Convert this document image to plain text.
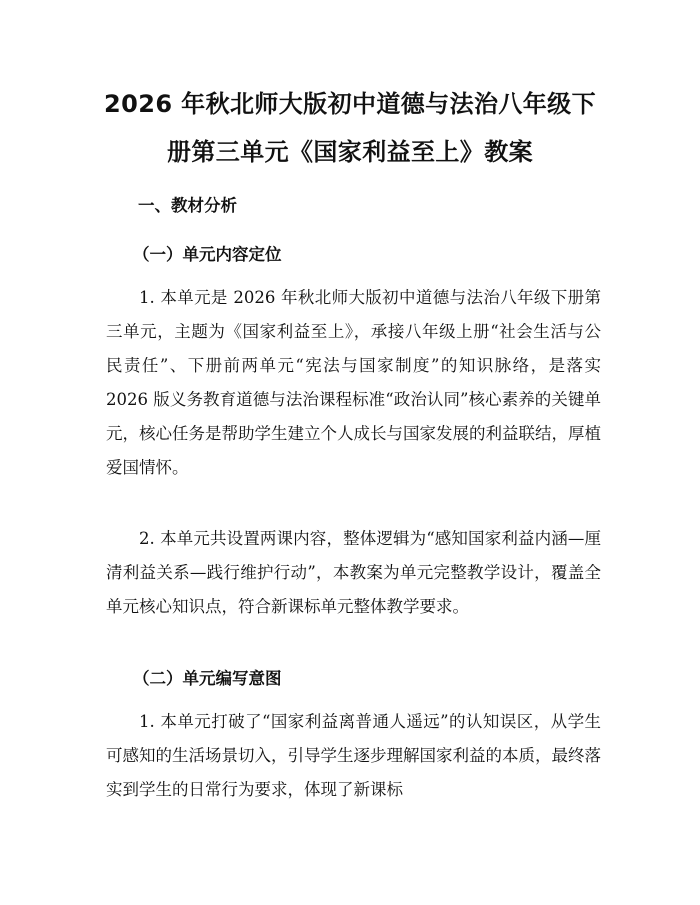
2026 年秋北师大版初中道德与法治八年级下
册第三单元《国家利益至上》教案
一、教材分析
（一）单元内容定位

1. 本单元是 2026 年秋北师大版初中道德与法治八年级下册第三单元，主题为《国家利益至上》，承接八年级上册“社会生活与公民责任”、下册前两单元“宪法与国家制度”的知识脉络，是落实 2026 版义务教育道德与法治课程标准“政治认同”核心素养的关键单元，核心任务是帮助学生建立个人成长与国家发展的利益联结，厚植爱国情怀。

2. 本单元共设置两课内容，整体逻辑为“感知国家利益内涵—厘清利益关系—践行维护行动”，本教案为单元完整教学设计，覆盖全单元核心知识点，符合新课标单元整体教学要求。

（二）单元编写意图

1. 本单元打破了“国家利益离普通人遥远”的认知误区，从学生可感知的生活场景切入，引导学生逐步理解国家利益的本质，最终落实到学生的日常行为要求，体现了新课标
